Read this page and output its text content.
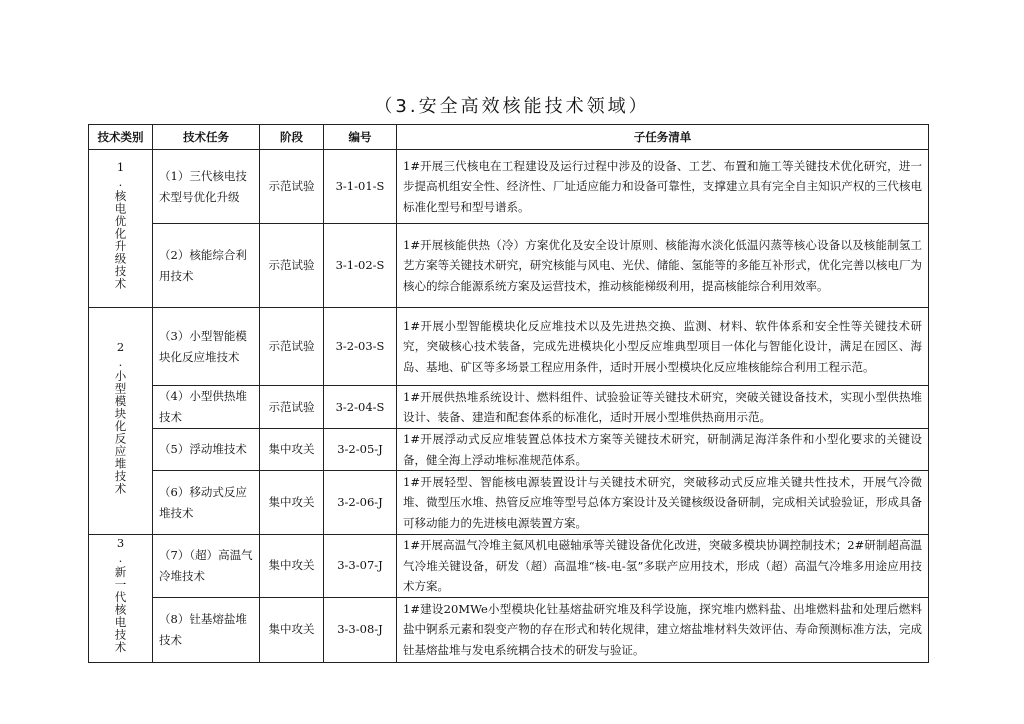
（3.安全高效核能技术领域）
技术类别	技术任务	阶段	编号	子任务清单
1.核电优化升级技术	（1）三代核电技术型号优化升级	示范试验	3-1-01-S	1#开展三代核电在工程建设及运行过程中涉及的设备、工艺、布置和施工等关键技术优化研究，进一步提高机组安全性、经济性、厂址适应能力和设备可靠性，支撑建立具有完全自主知识产权的三代核电标准化型号和型号谱系。
	（2）核能综合利用技术	示范试验	3-1-02-S	1#开展核能供热（冷）方案优化及安全设计原则、核能海水淡化低温闪蒸等核心设备以及核能制氢工艺方案等关键技术研究，研究核能与风电、光伏、储能、氢能等的多能互补形式，优化完善以核电厂为核心的综合能源系统方案及运营技术，推动核能梯级利用，提高核能综合利用效率。
2.小型模块化反应堆技术	（3）小型智能模块化反应堆技术	示范试验	3-2-03-S	1#开展小型智能模块化反应堆技术以及先进热交换、监测、材料、软件体系和安全性等关键技术研究，突破核心技术装备，完成先进模块化小型反应堆典型项目一体化与智能化设计，满足在园区、海岛、基地、矿区等多场景工程应用条件，适时开展小型模块化反应堆核能综合利用工程示范。
	（4）小型供热堆技术	示范试验	3-2-04-S	1#开展供热堆系统设计、燃料组件、试验验证等关键技术研究，突破关键设备技术，实现小型供热堆设计、装备、建造和配套体系的标准化，适时开展小型堆供热商用示范。
	（5）浮动堆技术	集中攻关	3-2-05-J	1#开展浮动式反应堆装置总体技术方案等关键技术研究，研制满足海洋条件和小型化要求的关键设备，健全海上浮动堆标准规范体系。
	（6）移动式反应堆技术	集中攻关	3-2-06-J	1#开展轻型、智能核电源装置设计与关键技术研究，突破移动式反应堆关键共性技术，开展气冷微堆、微型压水堆、热管反应堆等型号总体方案设计及关键核级设备研制，完成相关试验验证，形成具备可移动能力的先进核电源装置方案。
3.新一代核电技术	（7）（超）高温气冷堆技术	集中攻关	3-3-07-J	1#开展高温气冷堆主氦风机电磁轴承等关键设备优化改进，突破多模块协调控制技术；2#研制超高温气冷堆关键设备，研发（超）高温堆“核-电-氢”多联产应用技术，形成（超）高温气冷堆多用途应用技术方案。
	（8）钍基熔盐堆技术	集中攻关	3-3-08-J	1#建设20MWe小型模块化钍基熔盐研究堆及科学设施，探究堆内燃料盐、出堆燃料盐和处理后燃料盐中锕系元素和裂变产物的存在形式和转化规律，建立熔盐堆材料失效评估、寿命预测标准方法，完成钍基熔盐堆与发电系统耦合技术的研发与验证。
